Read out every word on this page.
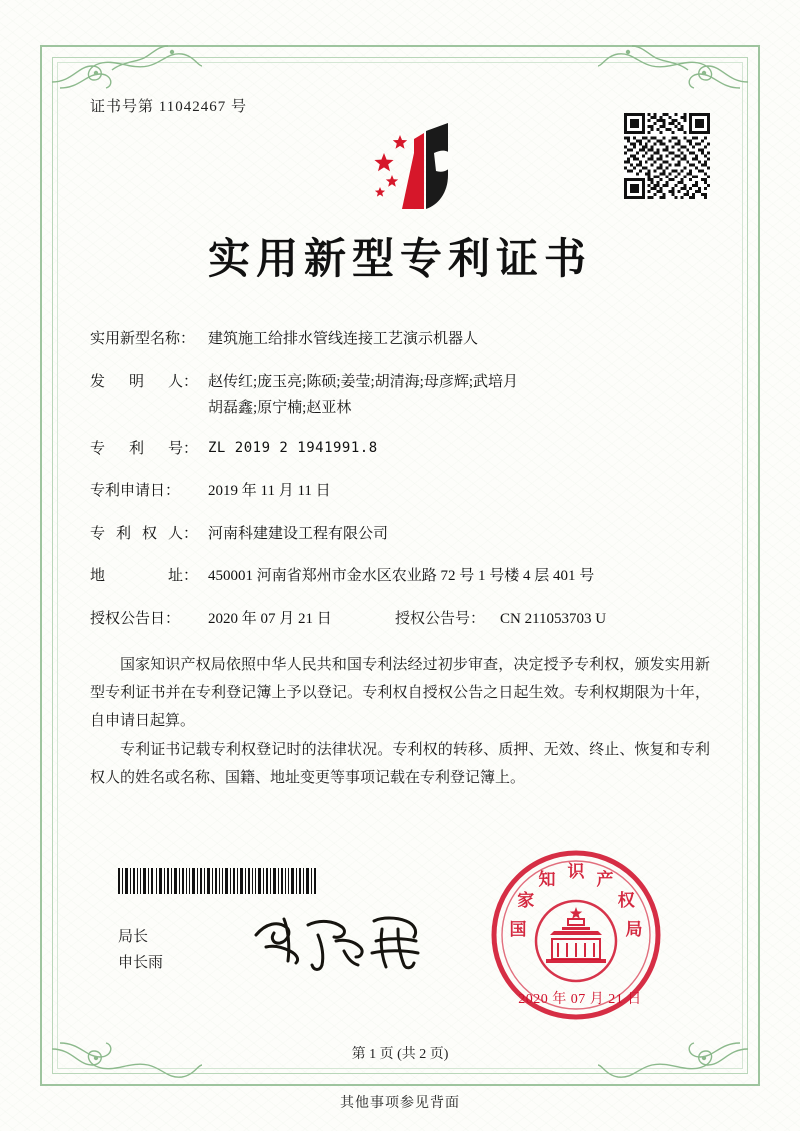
证书号第 11042467 号
实用新型专利证书
实用新型名称： 建筑施工给排水管线连接工艺演示机器人
发 明 人： 赵传红;庞玉亮;陈硕;姜莹;胡清海;母彦辉;武培月
胡磊鑫;原宁楠;赵亚林
专 利 号： ZL 2019 2 1941991.8
专利申请日：	2019 年 11 月 11 日
专 利 权 人： 河南科建建设工程有限公司
地	址： 450001 河南省郑州市金水区农业路 72 号 1 号楼 4 层 401 号
授权公告日：	2020 年 07 月 21 日	授权公告号： CN 211053703 U

国家知识产权局依照中华人民共和国专利法经过初步审查，决定授予专利权，颁发实用新型专利证书并在专利登记簿上予以登记。专利权自授权公告之日起生效。专利权期限为十年，自申请日起算。

专利证书记载专利权登记时的法律状况。专利权的转移、质押、无效、终止、恢复和专利权人的姓名或名称、国籍、地址变更等事项记载在专利登记簿上。

局长
申长雨
国
家
知 识 产
权
局
2020 年 07 月 21 日
第 1 页 (共 2 页)
其他事项参见背面
